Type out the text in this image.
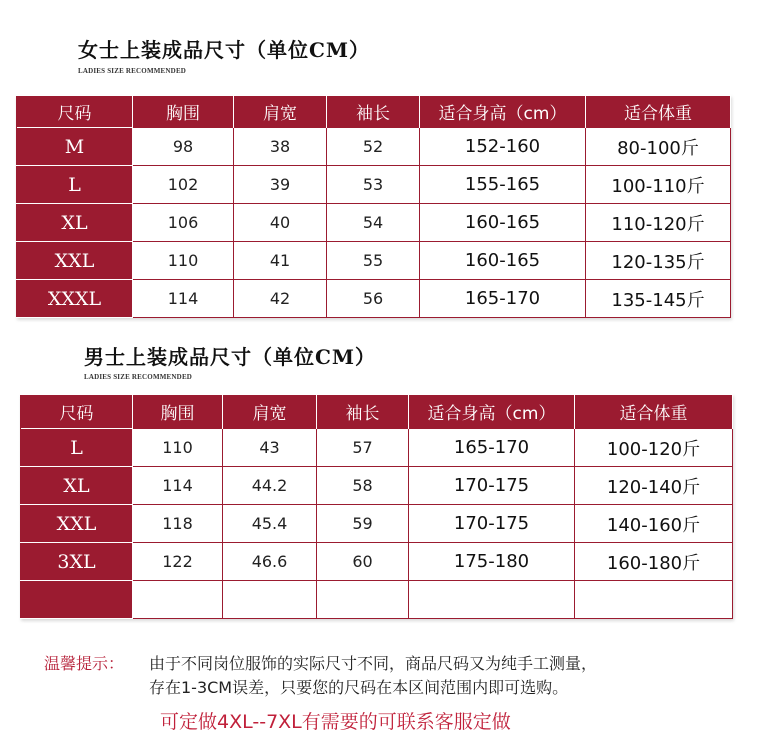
女士上装成品尺寸（单位CM）
LADIES SIZE RECOMMENDED
尺码	胸围	肩宽	袖长	适合身高（cm）	适合体重
M	98	38	52	152-160	80-100斤
L	102	39	53	155-165	100-110斤
XL	106	40	54	160-165	110-120斤
XXL	110	41	55	160-165	120-135斤
XXXL	114	42	56	165-170	135-145斤
男士上装成品尺寸（单位CM）
LADIES SIZE RECOMMENDED
尺码	胸围	肩宽	袖长	适合身高（cm）	适合体重
L	110	43	57	165-170	100-120斤
XL	114	44.2	58	170-175	120-140斤
XXL	118	45.4	59	170-175	140-160斤
3XL	122	46.6	60	175-180	160-180斤

温馨提示： 由于不同岗位服饰的实际尺寸不同，商品尺码又为纯手工测量，
存在1-3CM误差，只要您的尺码在本区间范围内即可选购。
可定做4XL--7XL有需要的可联系客服定做
